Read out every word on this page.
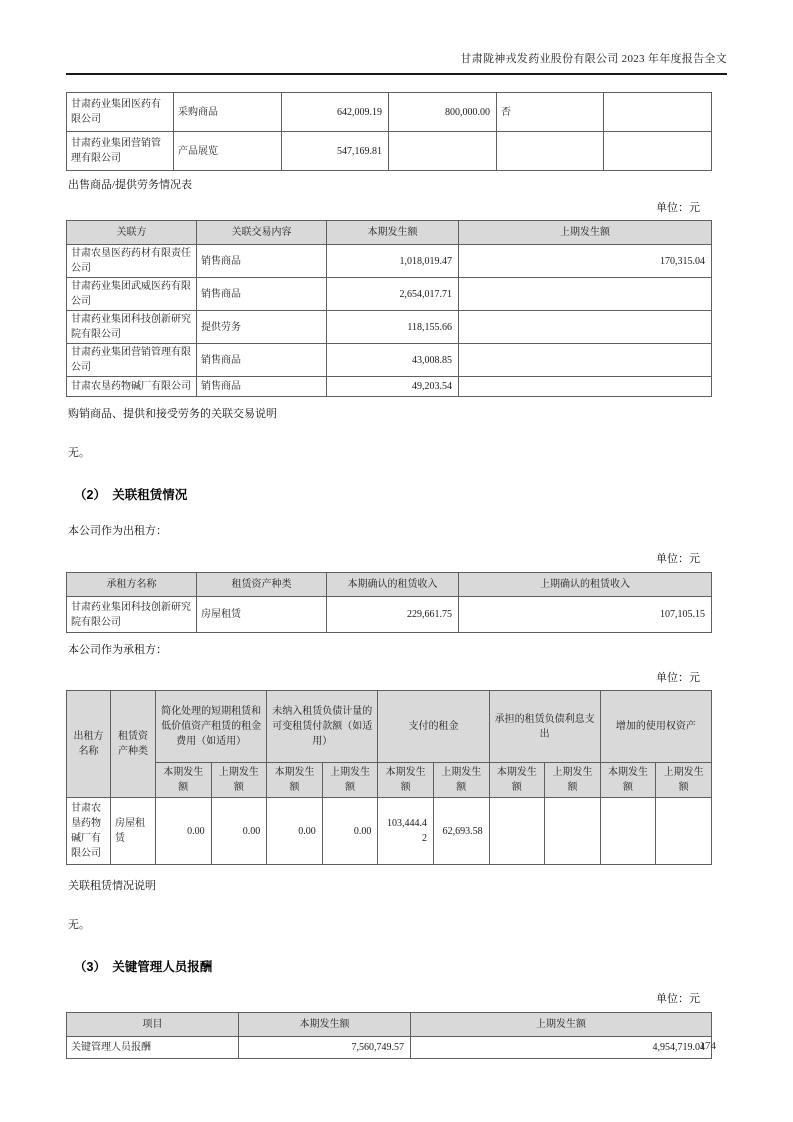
甘肃陇神戎发药业股份有限公司 2023 年年度报告全文
甘肃药业集团医药有限公司	采购商品	642,009.19	800,000.00	否	
甘肃药业集团营销管理有限公司	产品展览	547,169.81			

出售商品/提供劳务情况表

单位：元
关联方	关联交易内容	本期发生额	上期发生额
甘肃农垦医药药材有限责任公司	销售商品	1,018,019.47	170,315.04
甘肃药业集团武威医药有限公司	销售商品	2,654,017.71	
甘肃药业集团科技创新研究院有限公司	提供劳务	118,155.66	
甘肃药业集团营销管理有限公司	销售商品	43,008.85	
甘肃农垦药物碱厂有限公司	销售商品	49,203.54	

购销商品、提供和接受劳务的关联交易说明

无。

（2）　关联租赁情况

本公司作为出租方：

单位：元
承租方名称	租赁资产种类	本期确认的租赁收入	上期确认的租赁收入
甘肃药业集团科技创新研究院有限公司	房屋租赁	229,661.75	107,105.15

本公司作为承租方：

单位：元
出租方名称	租赁资产种类	简化处理的短期租赁和低价值资产租赁的租金费用（如适用）		未纳入租赁负债计量的可变租赁付款额（如适用）		支付的租金		承担的租赁负债利息支出		增加的使用权资产	
		本期发生额	上期发生额	本期发生额	上期发生额	本期发生额	上期发生额	本期发生额	上期发生额	本期发生额	上期发生额
甘肃农垦药物碱厂有限公司	房屋租赁	0.00	0.00	0.00	0.00	103,444.42	62,693.58				

关联租赁情况说明

无。

（3）　关键管理人员报酬
单位：元
项目	本期发生额	上期发生额
关键管理人员报酬	7,560,749.57	4,954,719.04
174
